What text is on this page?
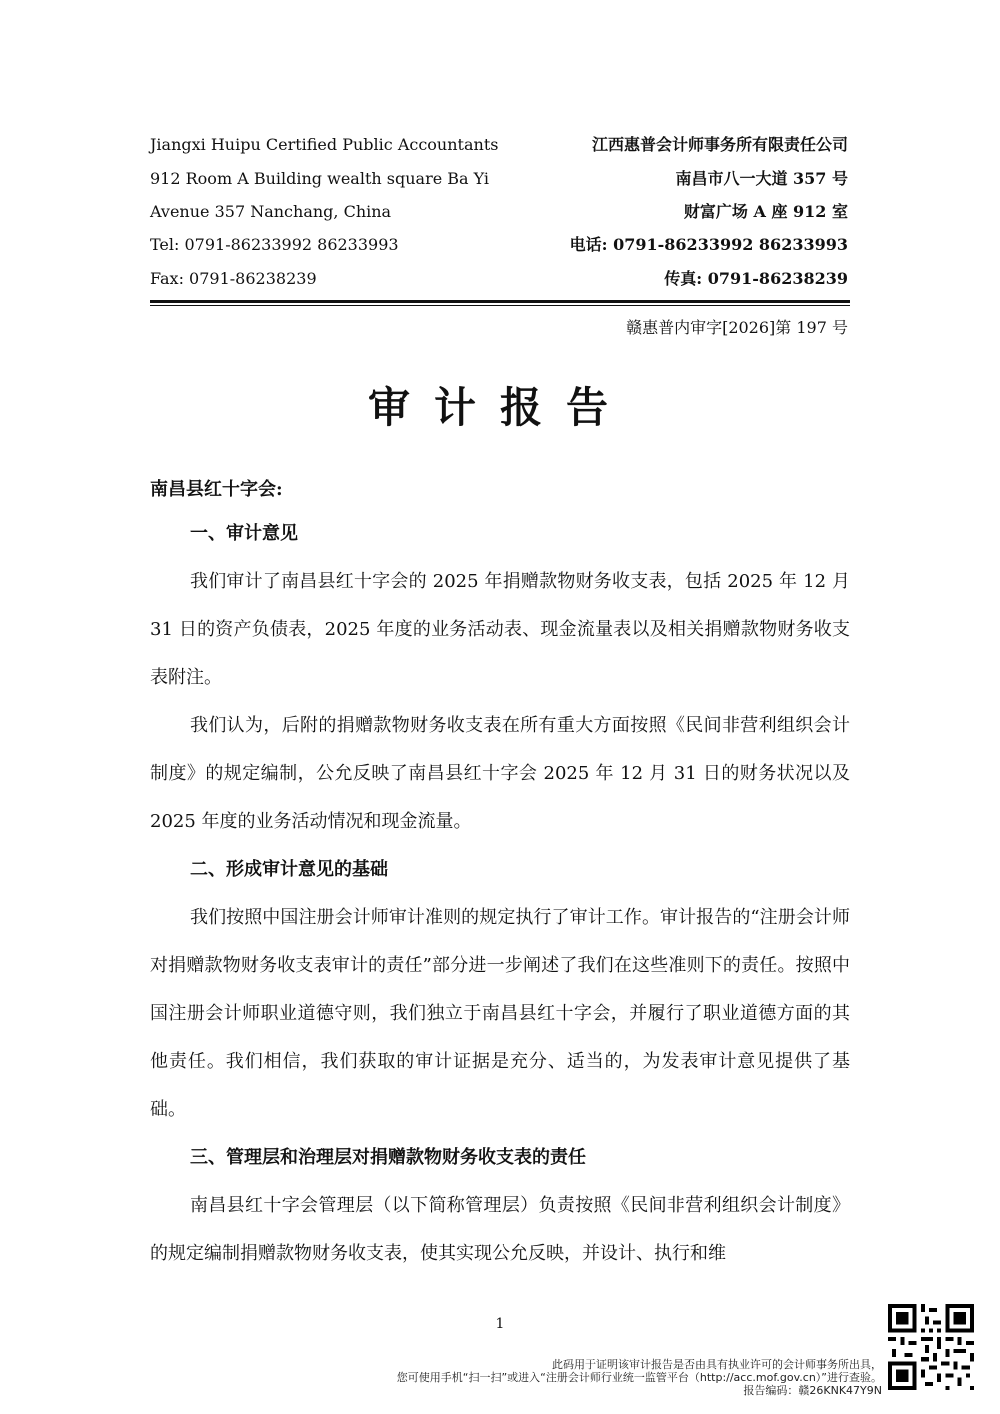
Jiangxi Huipu Certified Public Accountants
912 Room A Building wealth square Ba Yi
Avenue 357 Nanchang, China
Tel: 0791-86233992 86233993
Fax: 0791-86238239
江西惠普会计师事务所有限责任公司
南昌市八一大道 357 号
财富广场 A 座 912 室
电话: 0791-86233992 86233993
传真: 0791-86238239
赣惠普内审字[2026]第 197 号
审计报告
南昌县红十字会:
一、审计意见

我们审计了南昌县红十字会的 2025 年捐赠款物财务收支表，包括 2025 年 12 月 31 日的资产负债表，2025 年度的业务活动表、现金流量表以及相关捐赠款物财务收支表附注。

我们认为，后附的捐赠款物财务收支表在所有重大方面按照《民间非营利组织会计制度》的规定编制，公允反映了南昌县红十字会 2025 年 12 月 31 日的财务状况以及 2025 年度的业务活动情况和现金流量。

二、形成审计意见的基础

我们按照中国注册会计师审计准则的规定执行了审计工作。审计报告的“注册会计师对捐赠款物财务收支表审计的责任”部分进一步阐述了我们在这些准则下的责任。按照中国注册会计师职业道德守则，我们独立于南昌县红十字会，并履行了职业道德方面的其他责任。我们相信，我们获取的审计证据是充分、适当的，为发表审计意见提供了基础。

三、管理层和治理层对捐赠款物财务收支表的责任

南昌县红十字会管理层（以下简称管理层）负责按照《民间非营利组织会计制度》的规定编制捐赠款物财务收支表，使其实现公允反映，并设计、执行和维

1
此码用于证明该审计报告是否由具有执业许可的会计师事务所出具，
您可使用手机“扫一扫”或进入“注册会计师行业统一监管平台（http://acc.mof.gov.cn）”进行查验。
报告编码：赣26KNK47Y9N
